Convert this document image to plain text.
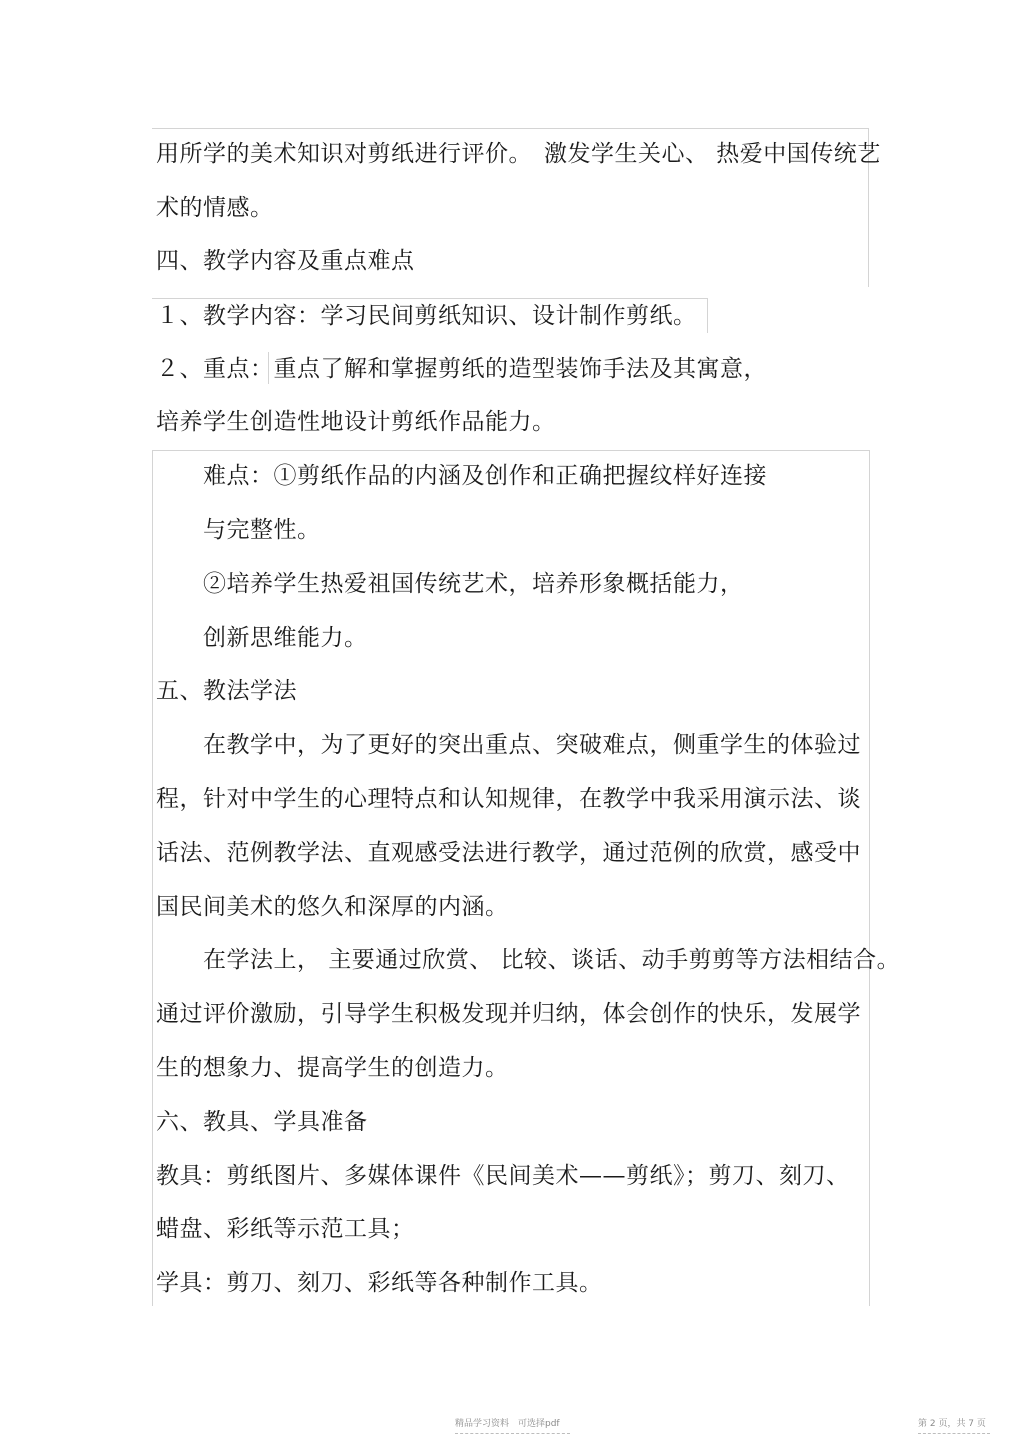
用所学的美术知识对剪纸进行评价。　激发学生关心、 热爱中国传统艺
术的情感。
四、教学内容及重点难点
１、教学内容：学习民间剪纸知识、设计制作剪纸。
２、重点：重点了解和掌握剪纸的造型装饰手法及其寓意，
培养学生创造性地设计剪纸作品能力。
难点：①剪纸作品的内涵及创作和正确把握纹样好连接
与完整性。
②培养学生热爱祖国传统艺术，培养形象概括能力，
创新思维能力。
五、教法学法
在教学中，为了更好的突出重点、突破难点，侧重学生的体验过
程，针对中学生的心理特点和认知规律，在教学中我采用演示法、谈
话法、范例教学法、直观感受法进行教学，通过范例的欣赏，感受中
国民间美术的悠久和深厚的内涵。
在学法上， 主要通过欣赏、 比较、谈话、动手剪剪等方法相结合。
通过评价激励，引导学生积极发现并归纳，体会创作的快乐，发展学
生的想象力、提高学生的创造力。
六、教具、学具准备
教具：剪纸图片、多媒体课件《民间美术——剪纸》；剪刀、刻刀、
蜡盘、彩纸等示范工具；
学具：剪刀、刻刀、彩纸等各种制作工具。
精品学习资料　可选择pdf	第 2 页，共 7 页
